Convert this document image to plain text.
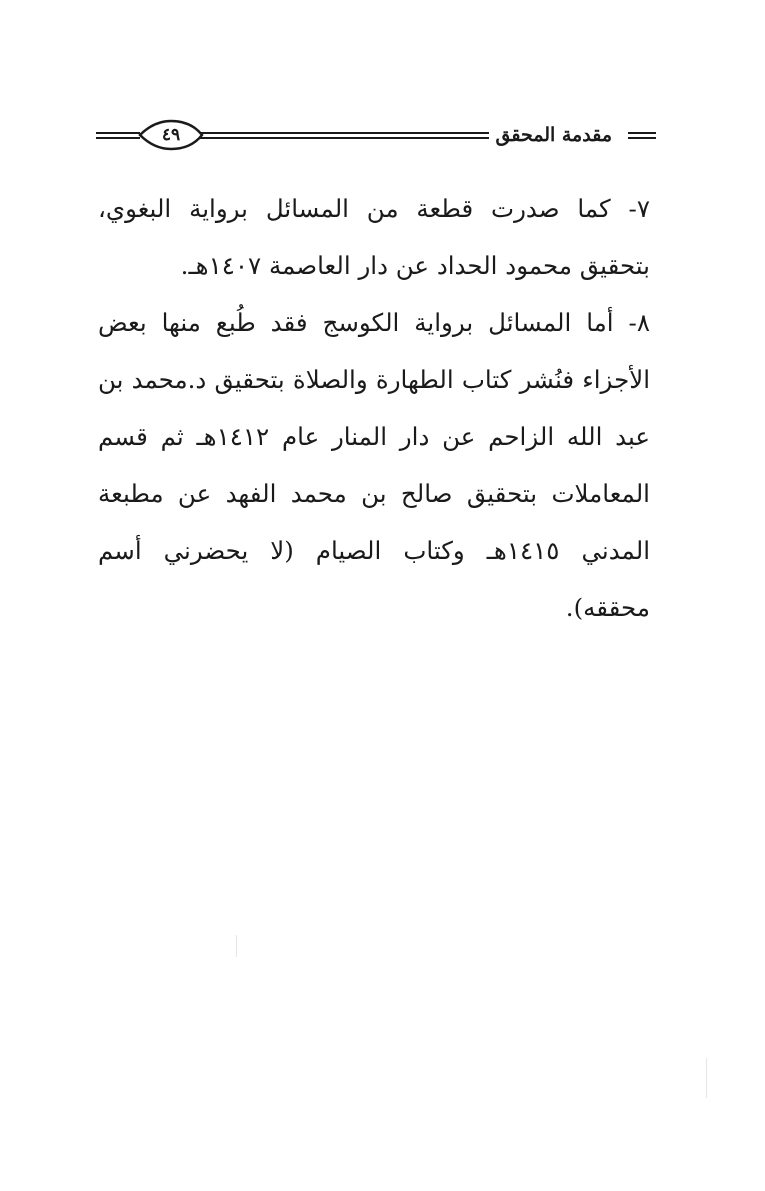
٤٩	مقدمة المحقق

٧- كما صدرت قطعة من المسائل برواية البغوي، بتحقيق محمود الحداد عن دار العاصمة ١٤٠٧هـ.

٨- أما المسائل برواية الكوسج فقد طُبع منها بعض الأجزاء فنُشر كتاب الطهارة والصلاة بتحقيق د.محمد بن عبد الله الزاحم عن دار المنار عام ١٤١٢هـ ثم قسم المعاملات بتحقيق صالح بن محمد الفهد عن مطبعة المدني ١٤١٥هـ وكتاب الصيام (لا يحضرني أسم محققه).
